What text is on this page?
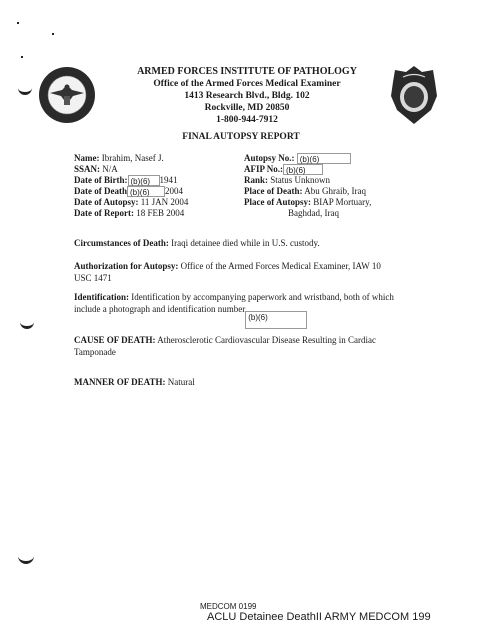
ARMED FORCES INSTITUTE OF PATHOLOGY
Office of the Armed Forces Medical Examiner
1413 Research Blvd., Bldg. 102
Rockville, MD 20850
1-800-944-7912
FINAL AUTOPSY REPORT
Name: Ibrahim, Nasef J.
SSAN: N/A
Date of Birth: (b)(6) 1941
Date of Death (b)(6) 2004
Date of Autopsy: 11 JAN 2004
Date of Report: 18 FEB 2004
Autopsy No.: (b)(6)
AFIP No.: (b)(6)
Rank: Status Unknown
Place of Death: Abu Ghraib, Iraq
Place of Autopsy: BIAP Mortuary,
Baghdad, Iraq
Circumstances of Death: Iraqi detainee died while in U.S. custody.
Authorization for Autopsy: Office of the Armed Forces Medical Examiner, IAW 10
USC 1471
Identification: Identification by accompanying paperwork and wristband, both of which
include a photograph and identification number(b)(6)
CAUSE OF DEATH: Atherosclerotic Cardiovascular Disease Resulting in Cardiac
Tamponade
MANNER OF DEATH: Natural
MEDCOM 0199
ACLU Detainee DeathII ARMY MEDCOM 199
